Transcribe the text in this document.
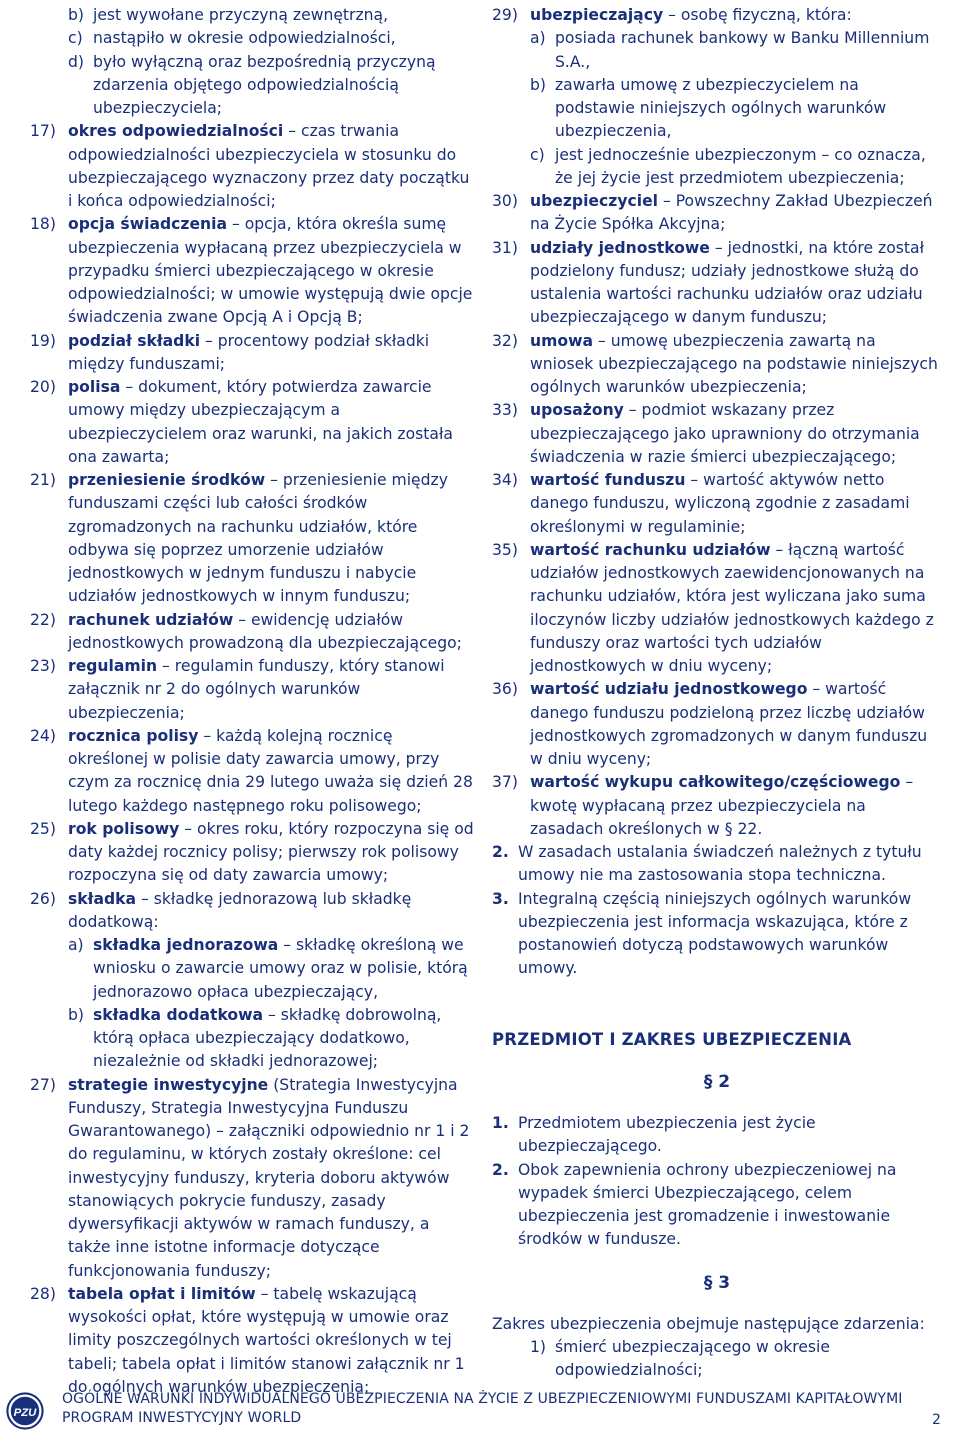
b) jest wywołane przyczyną zewnętrzną,
c) nastąpiło w okresie odpowiedzialności,
d) było wyłączną oraz bezpośrednią przyczyną zdarzenia objętego odpowiedzialnością ubezpieczyciela;
17) okres odpowiedzialności – czas trwania odpowiedzialności ubezpieczyciela w stosunku do ubezpieczającego wyznaczony przez daty początku i końca odpowiedzialności;
18) opcja świadczenia – opcja, która określa sumę ubezpieczenia wypłacaną przez ubezpieczyciela w przypadku śmierci ubezpieczającego w okresie odpowiedzialności; w umowie występują dwie opcje świadczenia zwane Opcją A i Opcją B;
19) podział składki – procentowy podział składki między funduszami;
20) polisa – dokument, który potwierdza zawarcie umowy między ubezpieczającym a ubezpieczycielem oraz warunki, na jakich została ona zawarta;
21) przeniesienie środków – przeniesienie między funduszami części lub całości środków zgromadzonych na rachunku udziałów, które odbywa się poprzez umorzenie udziałów jednostkowych w jednym funduszu i nabycie udziałów jednostkowych w innym funduszu;
22) rachunek udziałów – ewidencję udziałów jednostkowych prowadzoną dla ubezpieczającego;
23) regulamin – regulamin funduszy, który stanowi załącznik nr 2 do ogólnych warunków ubezpieczenia;
24) rocznica polisy – każdą kolejną rocznicę określonej w polisie daty zawarcia umowy, przy czym za rocznicę dnia 29 lutego uważa się dzień 28 lutego każdego następnego roku polisowego;
25) rok polisowy – okres roku, który rozpoczyna się od daty każdej rocznicy polisy; pierwszy rok polisowy rozpoczyna się od daty zawarcia umowy;
26) składka – składkę jednorazową lub składkę dodatkową:
a) składka jednorazowa – składkę określoną we wniosku o zawarcie umowy oraz w polisie, którą jednorazowo opłaca ubezpieczający,
b) składka dodatkowa – składkę dobrowolną, którą opłaca ubezpieczający dodatkowo, niezależnie od składki jednorazowej;
27) strategie inwestycyjne (Strategia Inwestycyjna Funduszy, Strategia Inwestycyjna Funduszu Gwarantowanego) – załączniki odpowiednio nr 1 i 2 do regulaminu, w których zostały określone: cel inwestycyjny funduszy, kryteria doboru aktywów stanowiących pokrycie funduszy, zasady dywersyfikacji aktywów w ramach funduszy, a także inne istotne informacje dotyczące funkcjonowania funduszy;
28) tabela opłat i limitów – tabelę wskazującą wysokości opłat, które występują w umowie oraz limity poszczególnych wartości określonych w tej tabeli; tabela opłat i limitów stanowi załącznik nr 1 do ogólnych warunków ubezpieczenia;
29) ubezpieczający – osobę fizyczną, która:
a) posiada rachunek bankowy w Banku Millennium S.A.,
b) zawarła umowę z ubezpieczycielem na podstawie niniejszych ogólnych warunków ubezpieczenia,
c) jest jednocześnie ubezpieczonym – co oznacza, że jej życie jest przedmiotem ubezpieczenia;
30) ubezpieczyciel – Powszechny Zakład Ubezpieczeń na Życie Spółka Akcyjna;
31) udziały jednostkowe – jednostki, na które został podzielony fundusz; udziały jednostkowe służą do ustalenia wartości rachunku udziałów oraz udziału ubezpieczającego w danym funduszu;
32) umowa – umowę ubezpieczenia zawartą na wniosek ubezpieczającego na podstawie niniejszych ogólnych warunków ubezpieczenia;
33) uposażony – podmiot wskazany przez ubezpieczającego jako uprawniony do otrzymania świadczenia w razie śmierci ubezpieczającego;
34) wartość funduszu – wartość aktywów netto danego funduszu, wyliczoną zgodnie z zasadami określonymi w regulaminie;
35) wartość rachunku udziałów – łączną wartość udziałów jednostkowych zaewidencjonowanych na rachunku udziałów, która jest wyliczana jako suma iloczynów liczby udziałów jednostkowych każdego z funduszy oraz wartości tych udziałów jednostkowych w dniu wyceny;
36) wartość udziału jednostkowego – wartość danego funduszu podzieloną przez liczbę udziałów jednostkowych zgromadzonych w danym funduszu w dniu wyceny;
37) wartość wykupu całkowitego/częściowego – kwotę wypłacaną przez ubezpieczyciela na zasadach określonych w § 22.
2. W zasadach ustalania świadczeń należnych z tytułu umowy nie ma zastosowania stopa techniczna.
3. Integralną częścią niniejszych ogólnych warunków ubezpieczenia jest informacja wskazująca, które z postanowień dotyczą podstawowych warunków umowy.
PRZEDMIOT I ZAKRES UBEZPIECZENIA
§ 2
1. Przedmiotem ubezpieczenia jest życie ubezpieczającego.
2. Obok zapewnienia ochrony ubezpieczeniowej na wypadek śmierci Ubezpieczającego, celem ubezpieczenia jest gromadzenie i inwestowanie środków w fundusze.
§ 3
Zakres ubezpieczenia obejmuje następujące zdarzenia:
1) śmierć ubezpieczającego w okresie odpowiedzialności;
PZU
OGÓLNE WARUNKI INDYWIDUALNEGO UBEZPIECZENIA NA ŻYCIE Z UBEZPIECZENIOWYMI FUNDUSZAMI KAPITAŁOWYMI
PROGRAM INWESTYCYJNY WORLD	2
